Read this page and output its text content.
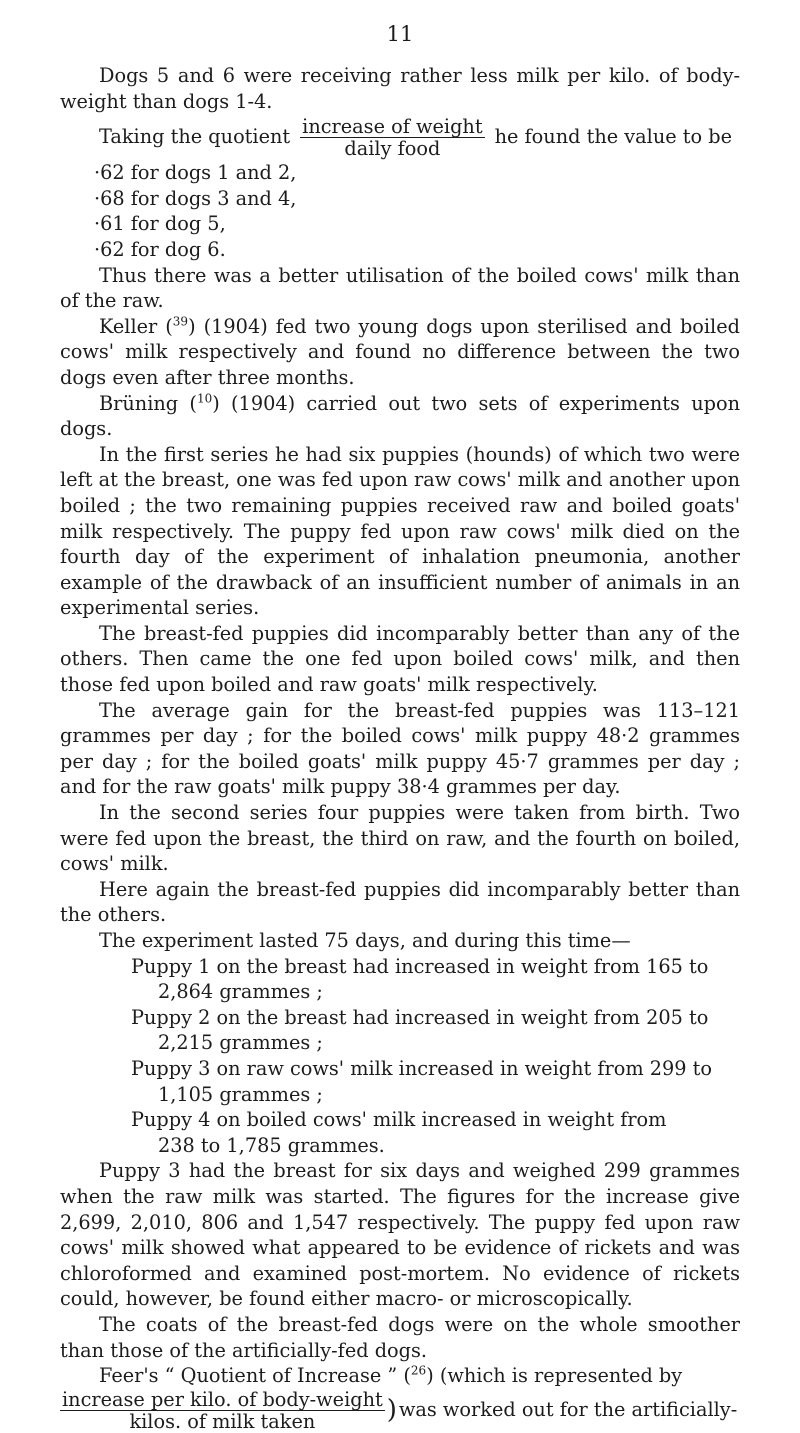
11

Dogs 5 and 6 were receiving rather less milk per kilo. of body-weight than dogs 1-4.

Taking the quotient $\frac{\text{increase of weight}}{\text{daily food}}$ he found the value to be
·62 for dogs 1 and 2,
·68 for dogs 3 and 4,
·61 for dog 5,
·62 for dog 6.

Thus there was a better utilisation of the boiled cows' milk than of the raw.

Keller ($^{39}$) (1904) fed two young dogs upon sterilised and boiled cows' milk respectively and found no difference between the two dogs even after three months.

Brüning ($^{10}$) (1904) carried out two sets of experiments upon dogs.

In the first series he had six puppies (hounds) of which two were left at the breast, one was fed upon raw cows' milk and another upon boiled ; the two remaining puppies received raw and boiled goats' milk respectively. The puppy fed upon raw cows' milk died on the fourth day of the experiment of inhalation pneumonia, another example of the drawback of an insufficient number of animals in an experimental series.

The breast-fed puppies did incomparably better than any of the others. Then came the one fed upon boiled cows' milk, and then those fed upon boiled and raw goats' milk respectively.

The average gain for the breast-fed puppies was 113–121 grammes per day ; for the boiled cows' milk puppy 48·2 grammes per day ; for the boiled goats' milk puppy 45·7 grammes per day ; and for the raw goats' milk puppy 38·4 grammes per day.

In the second series four puppies were taken from birth. Two were fed upon the breast, the third on raw, and the fourth on boiled, cows' milk.

Here again the breast-fed puppies did incomparably better than the others.

The experiment lasted 75 days, and during this time—

Puppy 1 on the breast had increased in weight from 165 to
2,864 grammes ;

Puppy 2 on the breast had increased in weight from 205 to
2,215 grammes ;

Puppy 3 on raw cows' milk increased in weight from 299 to
1,105 grammes ;

Puppy 4 on boiled cows' milk increased in weight from
238 to 1,785 grammes.

Puppy 3 had the breast for six days and weighed 299 grammes when the raw milk was started. The figures for the increase give 2,699, 2,010, 806 and 1,547 respectively. The puppy fed upon raw cows' milk showed what appeared to be evidence of rickets and was chloroformed and examined post-mortem. No evidence of rickets could, however, be found either macro- or microscopically.

The coats of the breast-fed dogs were on the whole smoother than those of the artificially-fed dogs.

Feer's “ Quotient of Increase ” ($^{26}$) (which is represented by

$\frac{\text{increase per kilo. of body-weight}}{\text{kilos. of milk taken}}$ ) was worked out for the artificially-
